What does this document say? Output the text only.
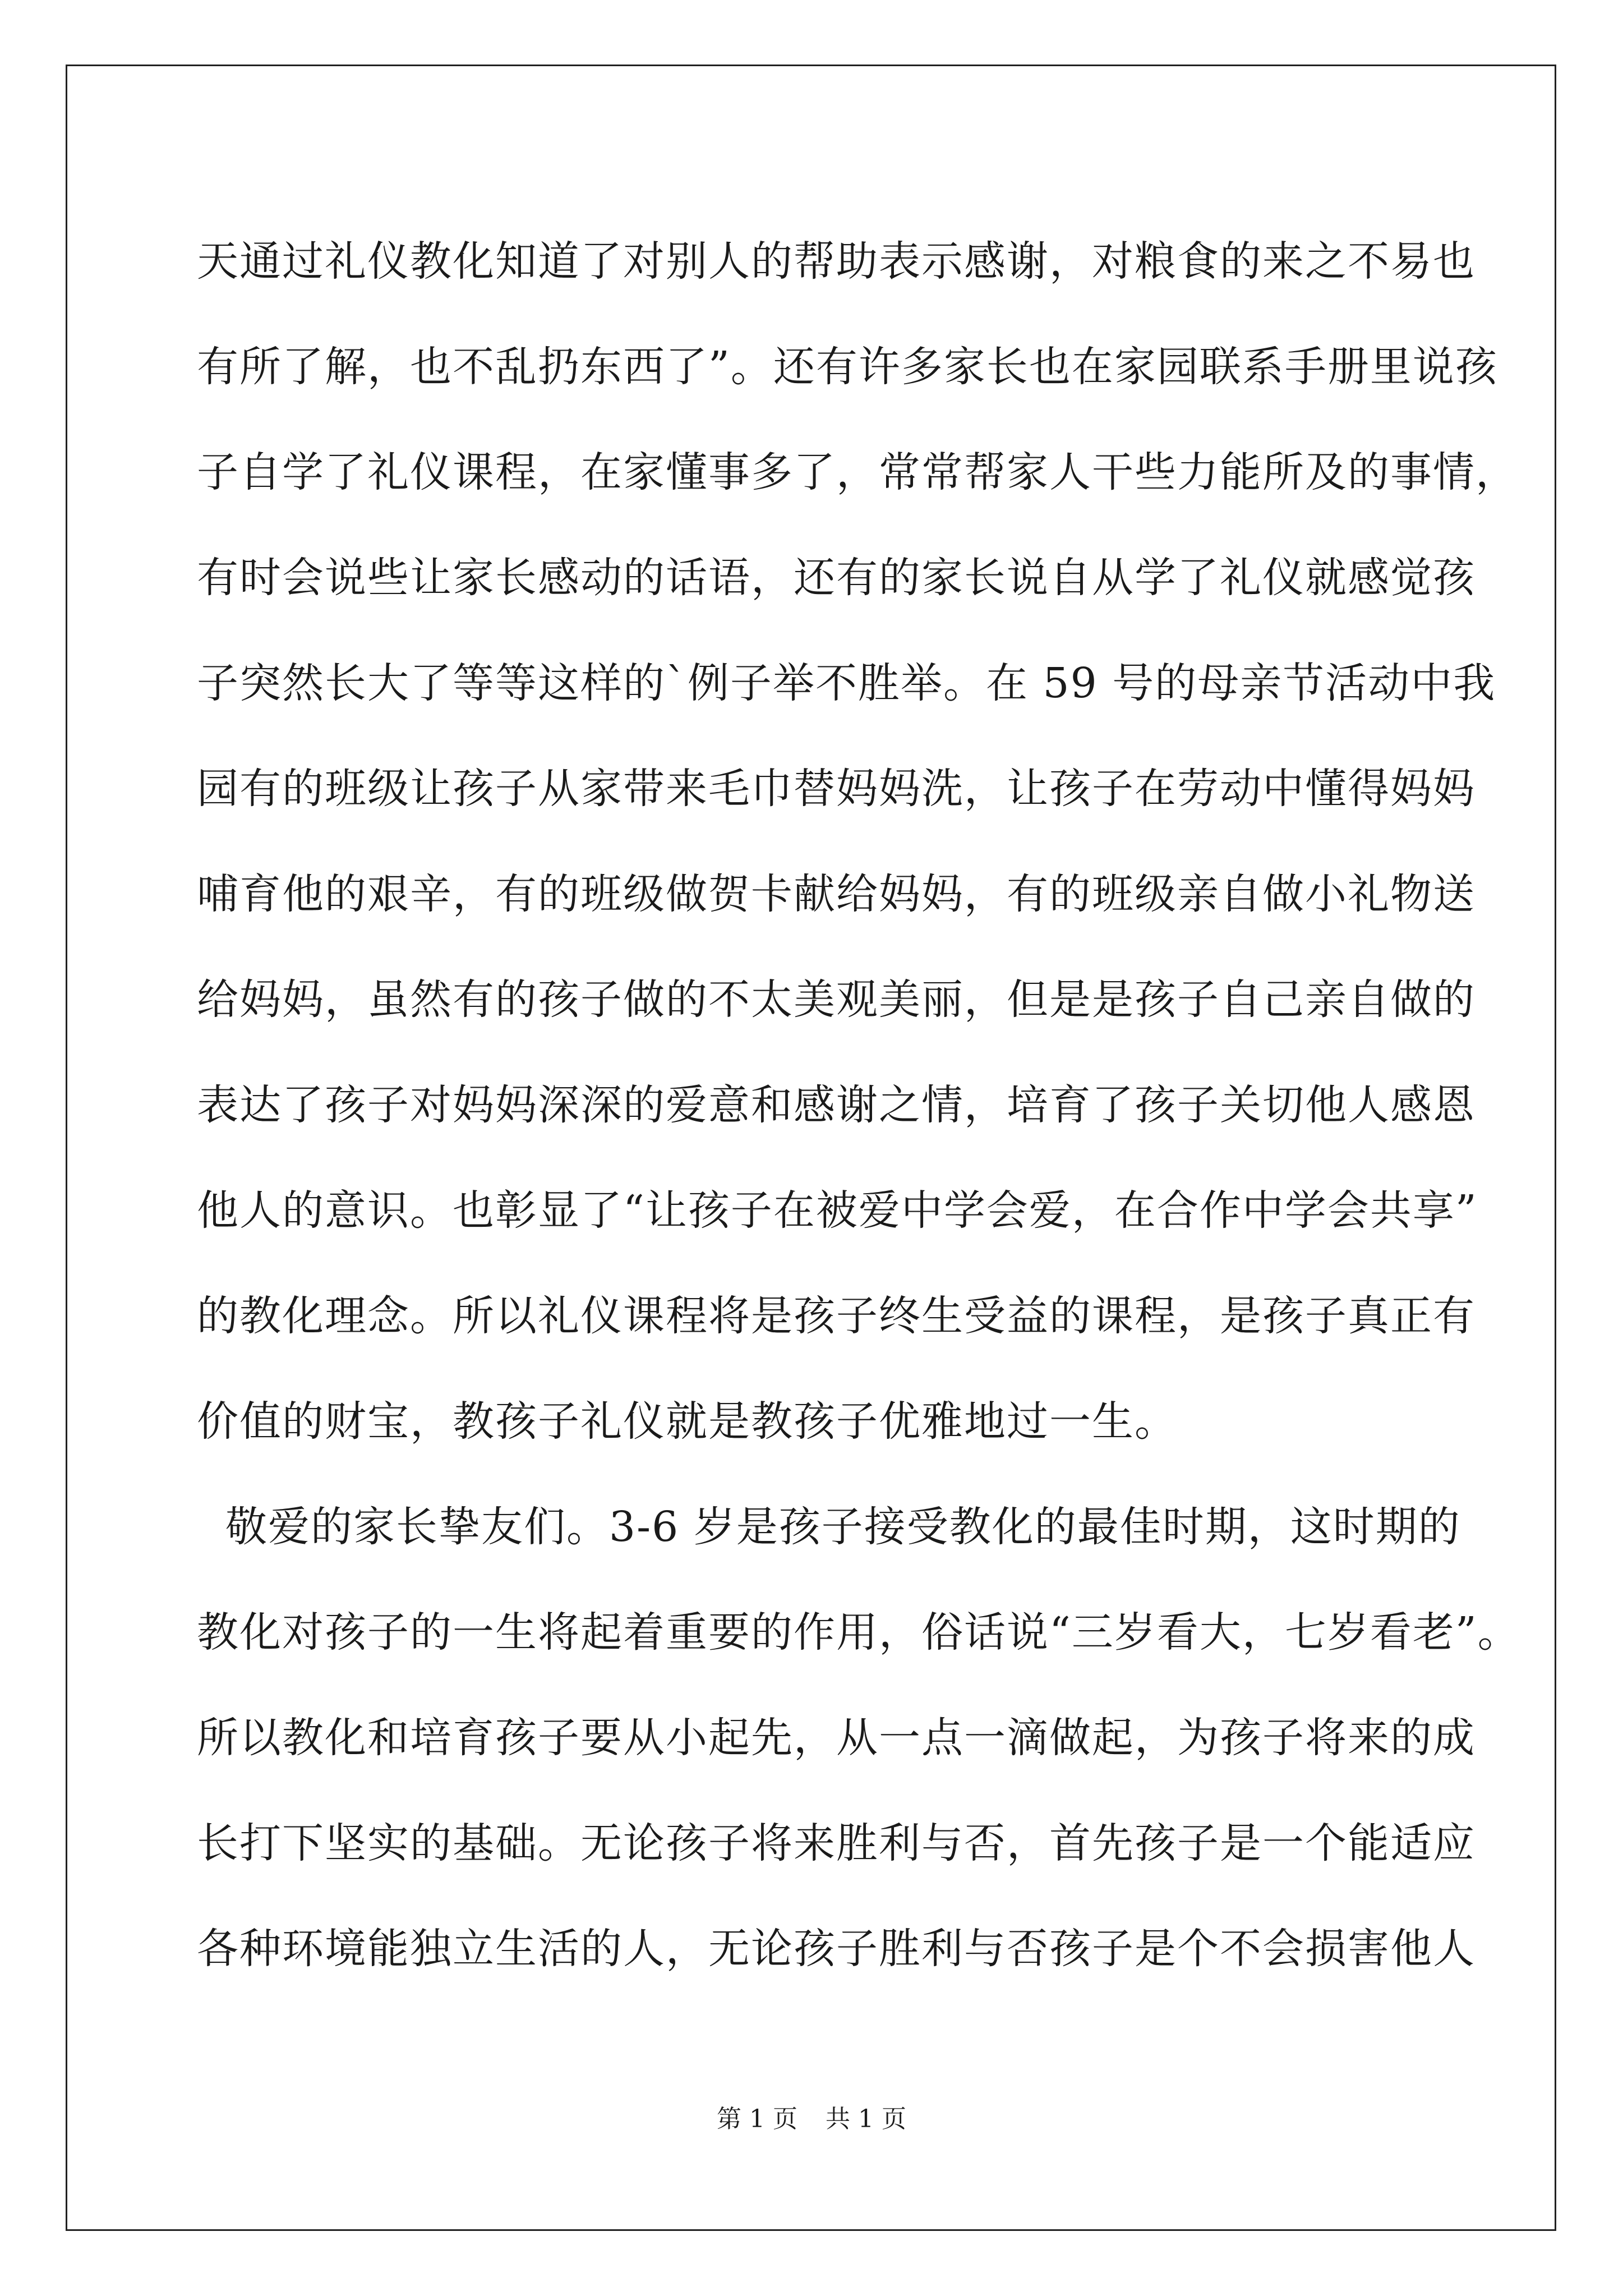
天通过礼仪教化知道了对别人的帮助表示感谢，对粮食的来之不易也
有所了解，也不乱扔东西了”。还有许多家长也在家园联系手册里说孩
子自学了礼仪课程，在家懂事多了，常常帮家人干些力能所及的事情，
有时会说些让家长感动的话语，还有的家长说自从学了礼仪就感觉孩
子突然长大了等等这样的`例子举不胜举。在 59 号的母亲节活动中我
园有的班级让孩子从家带来毛巾替妈妈洗，让孩子在劳动中懂得妈妈
哺育他的艰辛，有的班级做贺卡献给妈妈，有的班级亲自做小礼物送
给妈妈，虽然有的孩子做的不太美观美丽，但是是孩子自己亲自做的
表达了孩子对妈妈深深的爱意和感谢之情，培育了孩子关切他人感恩
他人的意识。也彰显了“让孩子在被爱中学会爱，在合作中学会共享”
的教化理念。所以礼仪课程将是孩子终生受益的课程，是孩子真正有
价值的财宝，教孩子礼仪就是教孩子优雅地过一生。
敬爱的家长挚友们。3-6 岁是孩子接受教化的最佳时期，这时期的
教化对孩子的一生将起着重要的作用，俗话说“三岁看大，七岁看老”。
所以教化和培育孩子要从小起先，从一点一滴做起，为孩子将来的成
长打下坚实的基础。无论孩子将来胜利与否，首先孩子是一个能适应
各种环境能独立生活的人，无论孩子胜利与否孩子是个不会损害他人
第 1 页 共 1 页
